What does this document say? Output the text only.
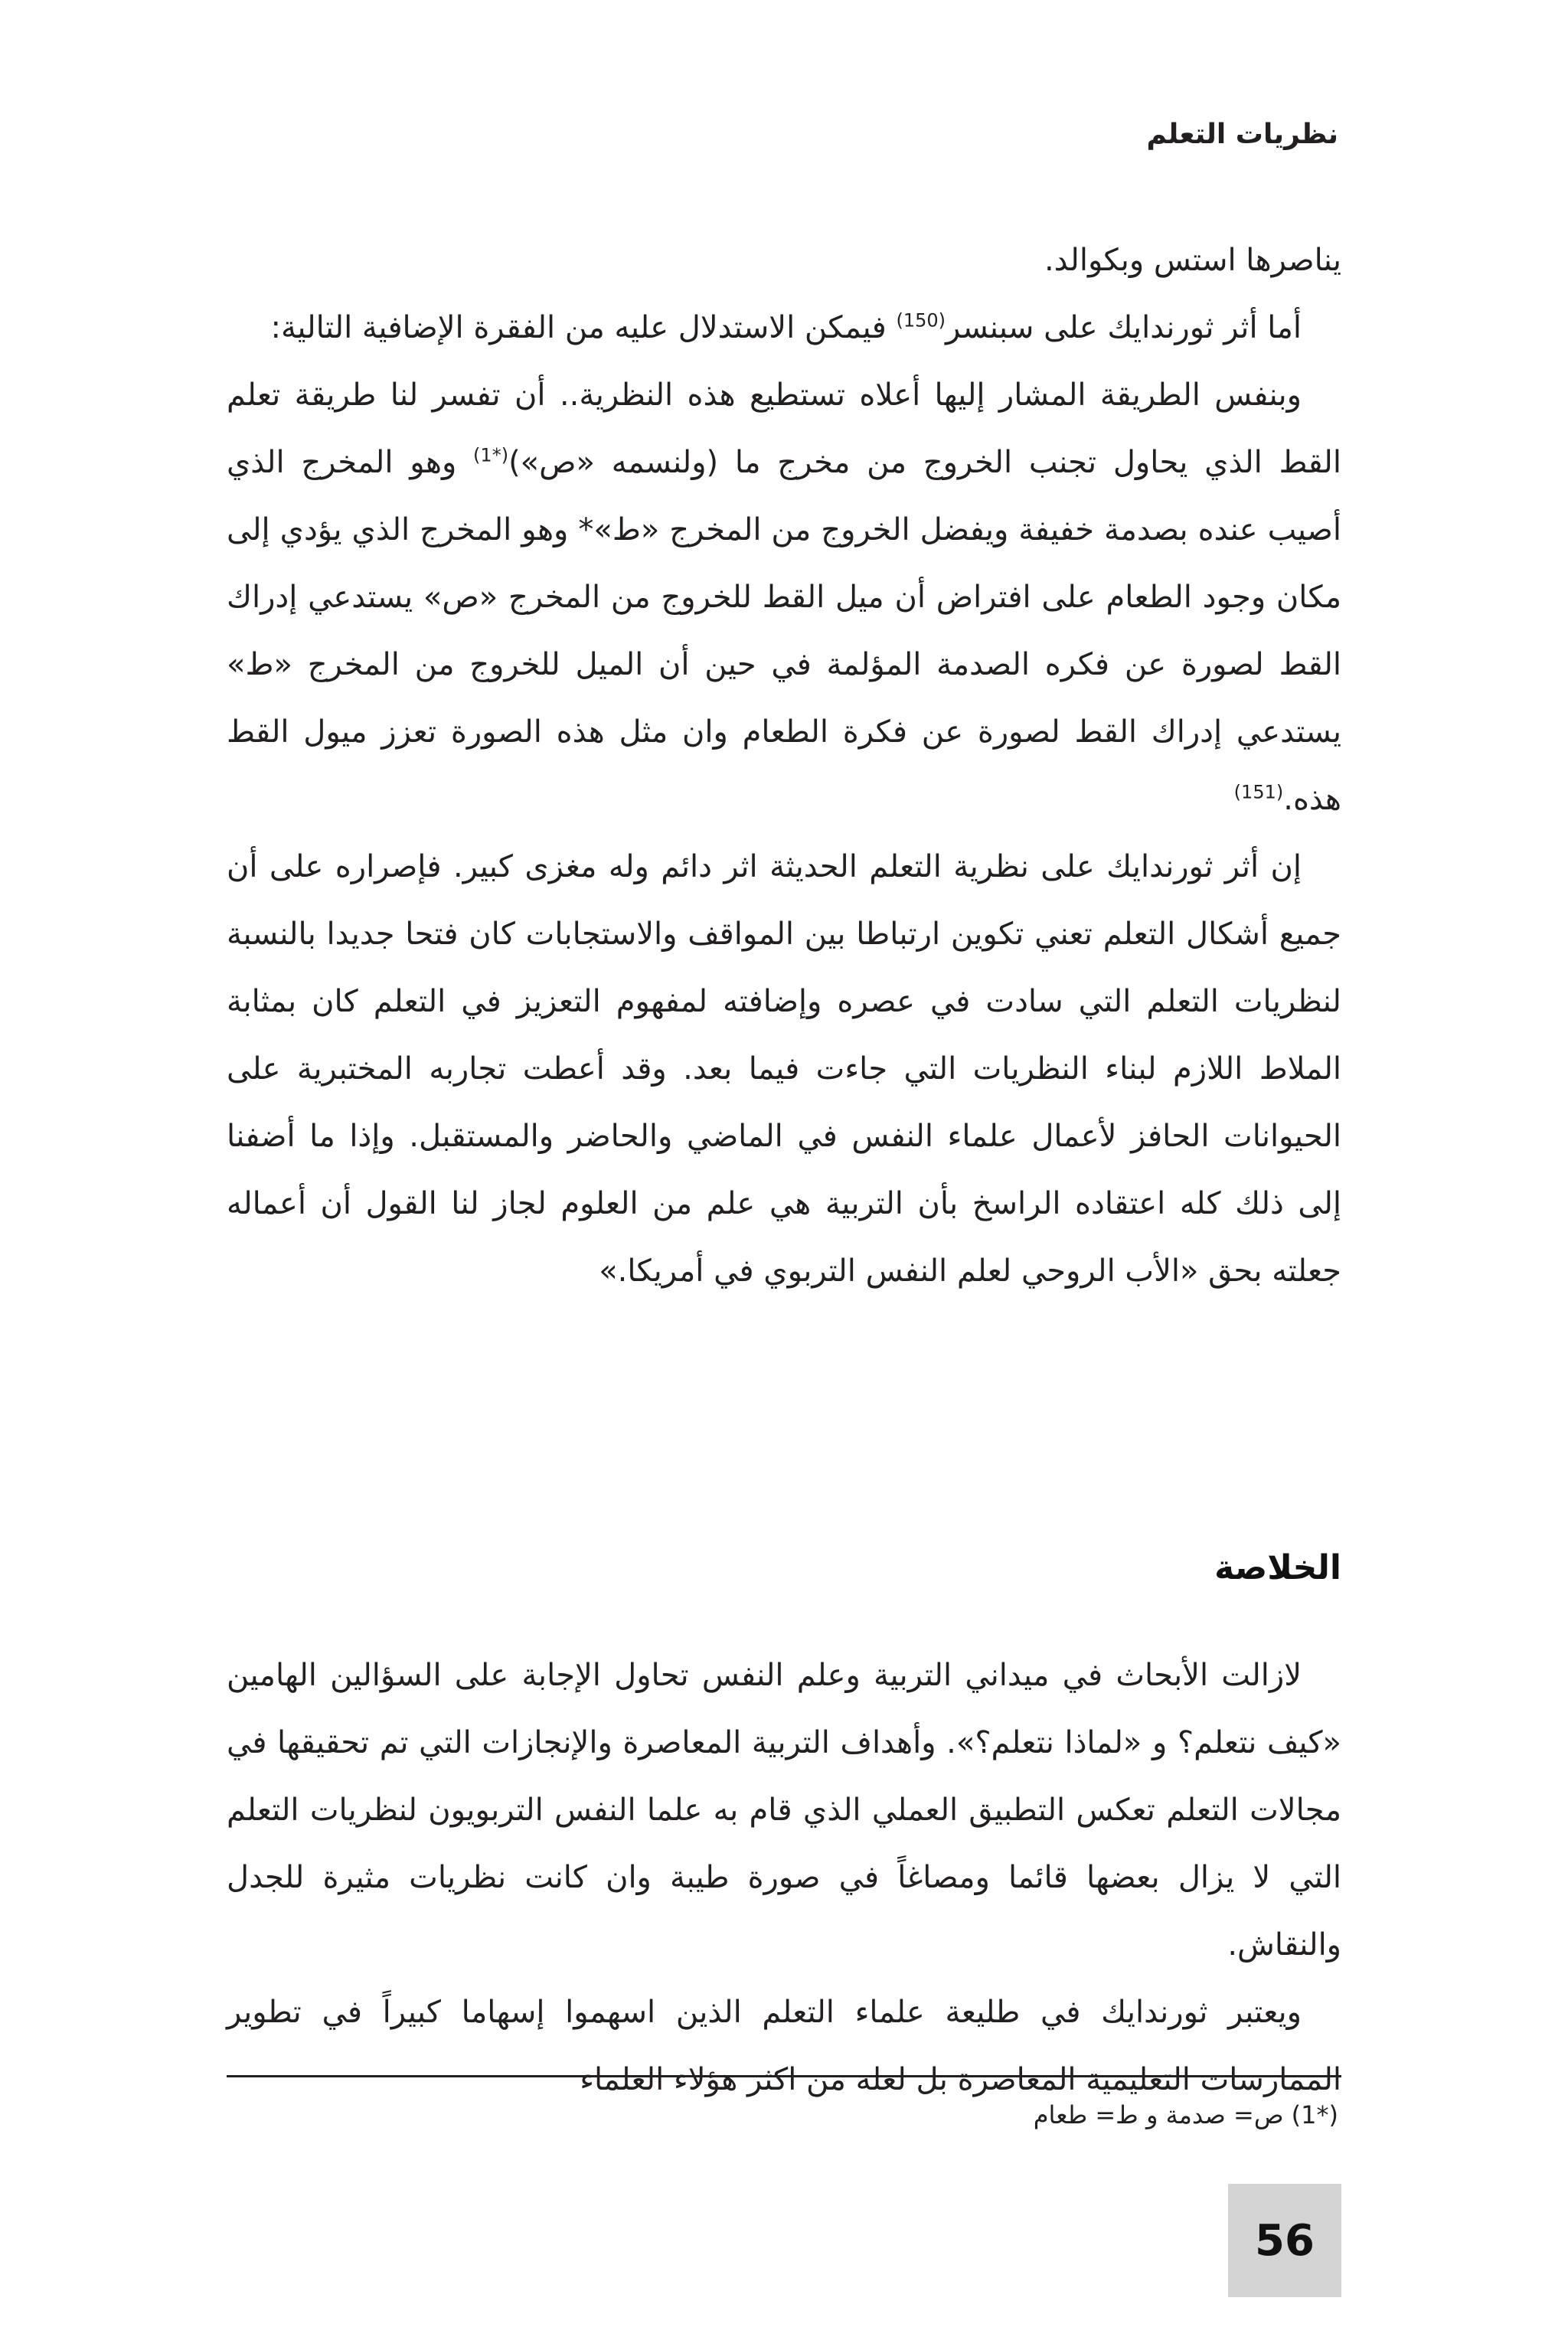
نظريات التعلم

يناصرها استس وبكوالد.

أما أثر ثورندايك على سبنسر$^{(150)}$ فيمكن الاستدلال عليه من الفقرة الإضافية التالية:

وبنفس الطريقة المشار إليها أعلاه تستطيع هذه النظرية.. أن تفسر لنا طريقة تعلم القط الذي يحاول تجنب الخروج من مخرج ما (ولنسمه «ص»)$^{(*1)}$ وهو المخرج الذي أصيب عنده بصدمة خفيفة ويفضل الخروج من المخرج «ط»* وهو المخرج الذي يؤدي إلى مكان وجود الطعام على افتراض أن ميل القط للخروج من المخرج «ص» يستدعي إدراك القط لصورة عن فكره الصدمة المؤلمة في حين أن الميل للخروج من المخرج «ط» يستدعي إدراك القط لصورة عن فكرة الطعام وان مثل هذه الصورة تعزز ميول القط هذه.$^{(151)}$

إن أثر ثورندايك على نظرية التعلم الحديثة اثر دائم وله مغزى كبير. فإصراره على أن جميع أشكال التعلم تعني تكوين ارتباطا بين المواقف والاستجابات كان فتحا جديدا بالنسبة لنظريات التعلم التي سادت في عصره وإضافته لمفهوم التعزيز في التعلم كان بمثابة الملاط اللازم لبناء النظريات التي جاءت فيما بعد. وقد أعطت تجاربه المختبرية على الحيوانات الحافز لأعمال علماء النفس في الماضي والحاضر والمستقبل. وإذا ما أضفنا إلى ذلك كله اعتقاده الراسخ بأن التربية هي علم من العلوم لجاز لنا القول أن أعماله جعلته بحق «الأب الروحي لعلم النفس التربوي في أمريكا.»

الخلاصة

لازالت الأبحاث في ميداني التربية وعلم النفس تحاول الإجابة على السؤالين الهامين «كيف نتعلم؟ و «لماذا نتعلم؟». وأهداف التربية المعاصرة والإنجازات التي تم تحقيقها في مجالات التعلم تعكس التطبيق العملي الذي قام به علما النفس التربويون لنظريات التعلم التي لا يزال بعضها قائما ومصاغاً في صورة طيبة وان كانت نظريات مثيرة للجدل والنقاش.

ويعتبر ثورندايك في طليعة علماء التعلم الذين اسهموا إسهاما كبيراً في تطوير الممارسات التعليمية المعاصرة بل لعله من اكثر هؤلاء العلماء

(*1) ص= صدمة و ط= طعام
56
